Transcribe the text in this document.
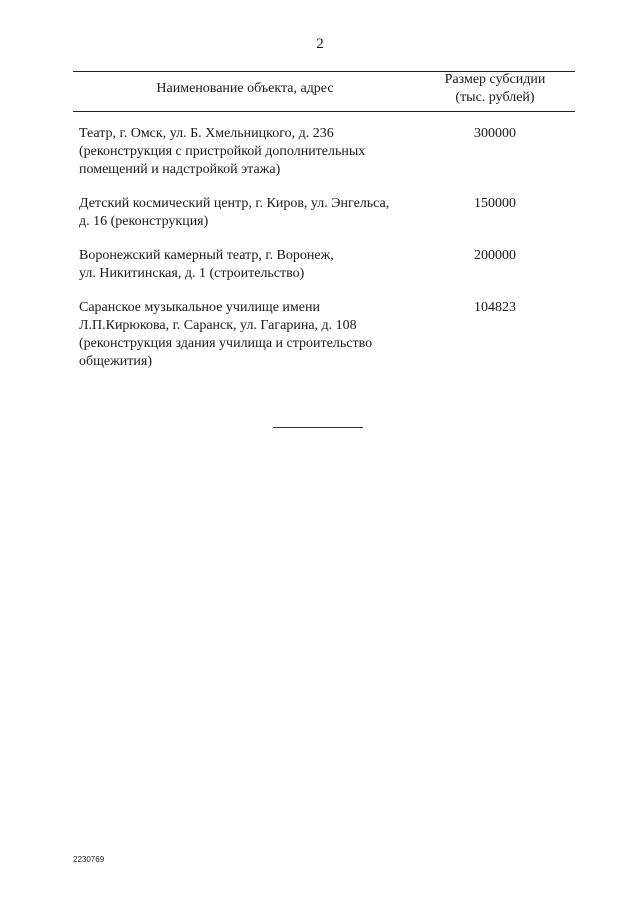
2
Наименование объекта, адрес
Размер субсидии
(тыс. рублей)
Театр, г. Омск, ул. Б. Хмельницкого, д. 236
(реконструкция с пристройкой дополнительных
помещений и надстройкой этажа)
300000
Детский космический центр, г. Киров, ул. Энгельса,
д. 16 (реконструкция)
150000
Воронежский камерный театр, г. Воронеж,
ул. Никитинская, д. 1 (строительство)
200000
Саранское музыкальное училище имени
Л.П.Кирюкова, г. Саранск, ул. Гагарина, д. 108
(реконструкция здания училища и строительство
общежития)
104823
2230769
